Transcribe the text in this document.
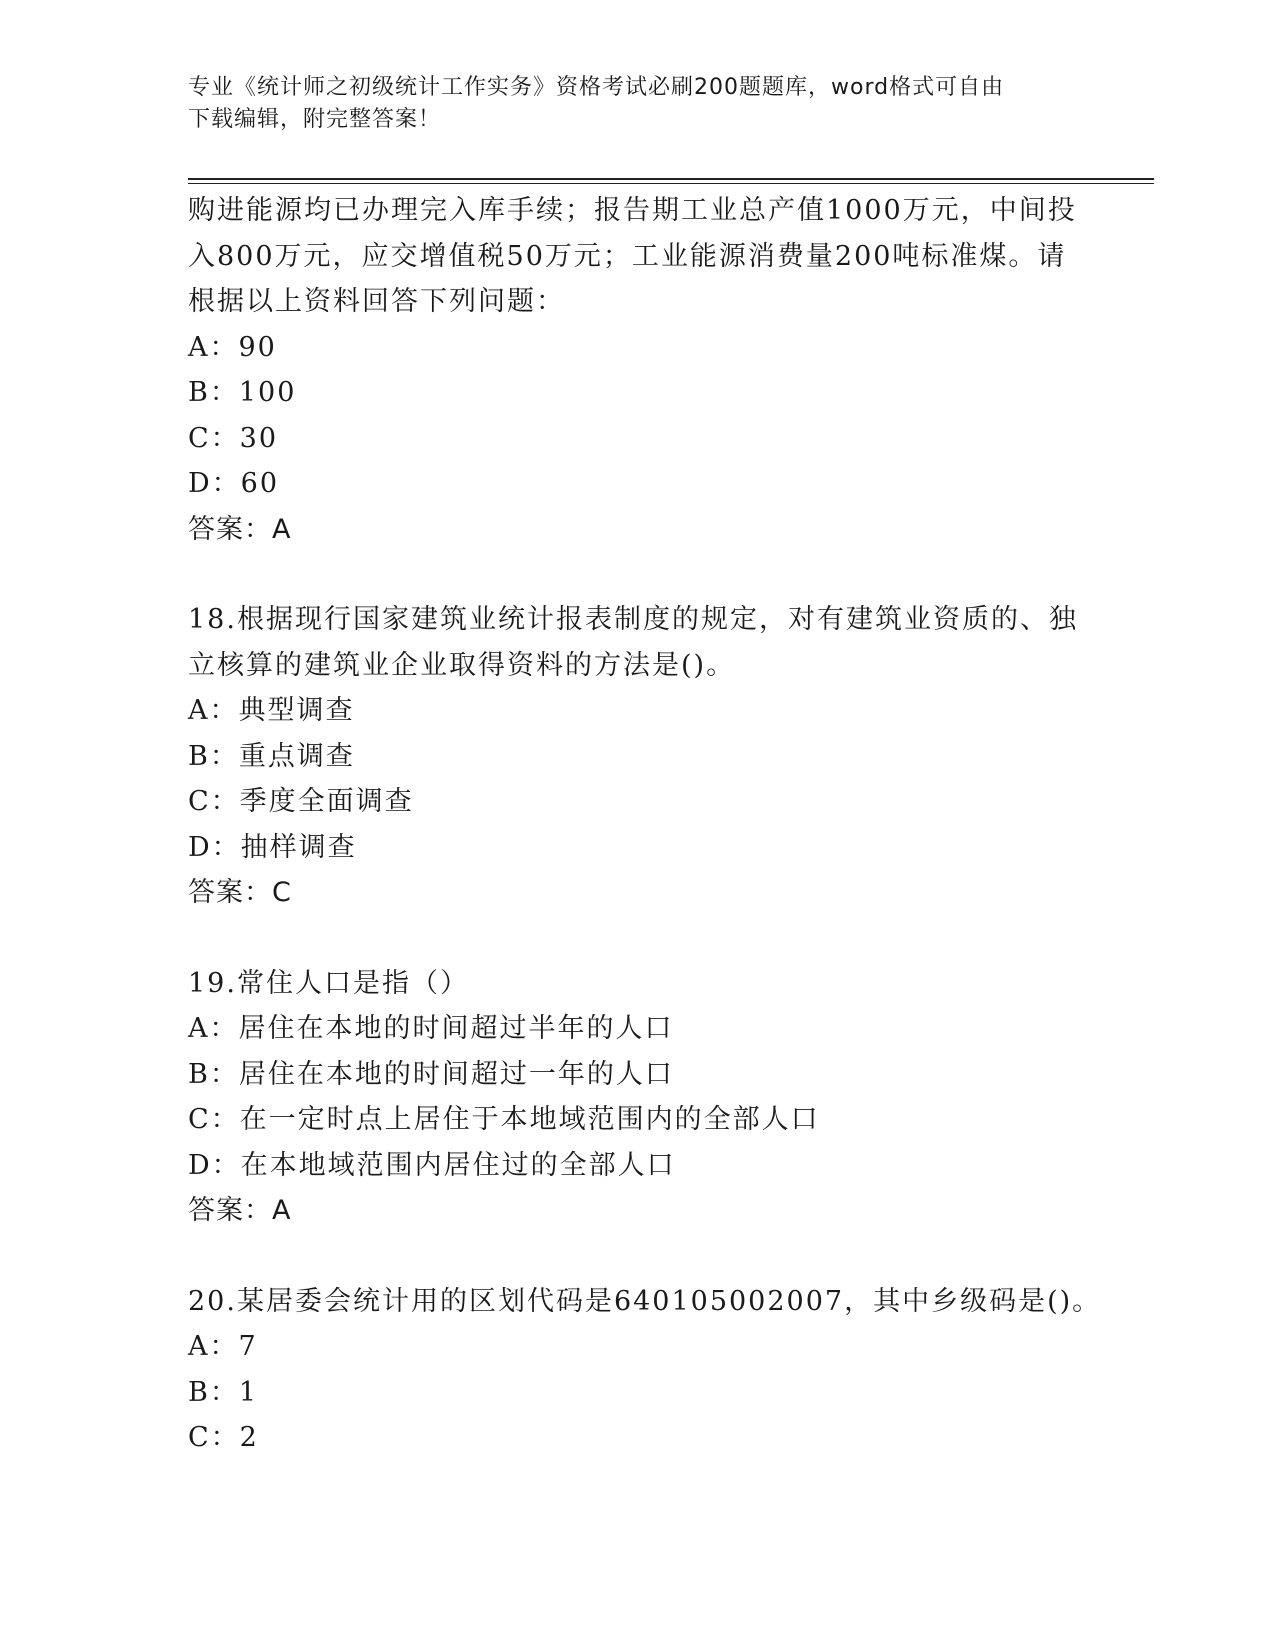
专业《统计师之初级统计工作实务》资格考试必刷200题题库，word格式可自由
下载编辑，附完整答案！
购进能源均已办理完入库手续；报告期工业总产值1000万元，中间投
入800万元，应交增值税50万元；工业能源消费量200吨标准煤。请
根据以上资料回答下列问题：
A：90
B：100
C：30
D：60
答案：A
18.根据现行国家建筑业统计报表制度的规定，对有建筑业资质的、独
立核算的建筑业企业取得资料的方法是()。
A：典型调查
B：重点调查
C：季度全面调查
D：抽样调查
答案：C
19.常住人口是指（）
A：居住在本地的时间超过半年的人口
B：居住在本地的时间超过一年的人口
C：在一定时点上居住于本地域范围内的全部人口
D：在本地域范围内居住过的全部人口
答案：A
20.某居委会统计用的区划代码是640105002007，其中乡级码是()。
A：7
B：1
C：2
